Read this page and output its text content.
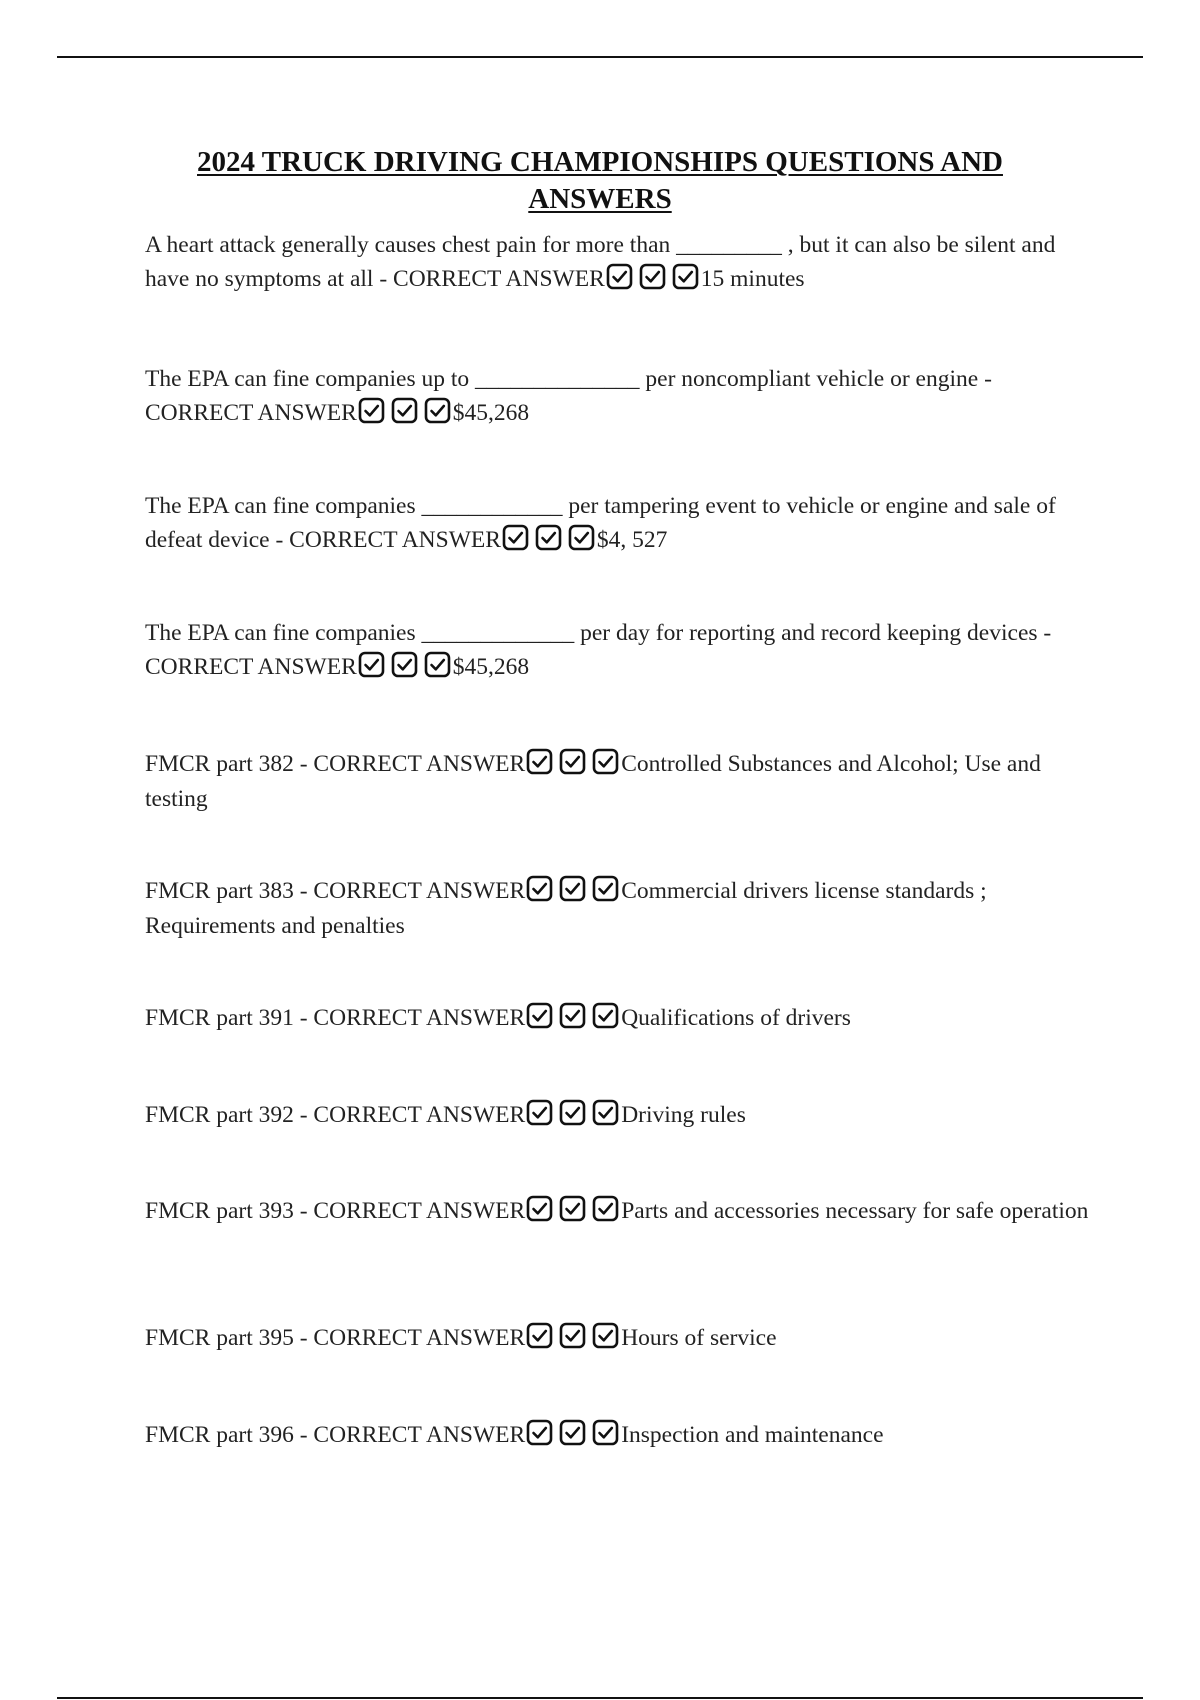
2024 TRUCK DRIVING CHAMPIONSHIPS QUESTIONS AND ANSWERS
A heart attack generally causes chest pain for more than _________ , but it can also be silent and have no symptoms at all - CORRECT ANSWER	15 minutes
The EPA can fine companies up to ______________ per noncompliant vehicle or engine - CORRECT ANSWER	$45,268
The EPA can fine companies ____________ per tampering event to vehicle or engine and sale of defeat device - CORRECT ANSWER	$4, 527
The EPA can fine companies _____________ per day for reporting and record keeping devices - CORRECT ANSWER	$45,268
FMCR part 382 - CORRECT ANSWER	Controlled Substances and Alcohol; Use and testing
FMCR part 383 - CORRECT ANSWER	Commercial drivers license standards ; Requirements and penalties
FMCR part 391 - CORRECT ANSWER	Qualifications of drivers
FMCR part 392 - CORRECT ANSWER	Driving rules
FMCR part 393 - CORRECT ANSWER	Parts and accessories necessary for safe operation
FMCR part 395 - CORRECT ANSWER	Hours of service
FMCR part 396 - CORRECT ANSWER	Inspection and maintenance
